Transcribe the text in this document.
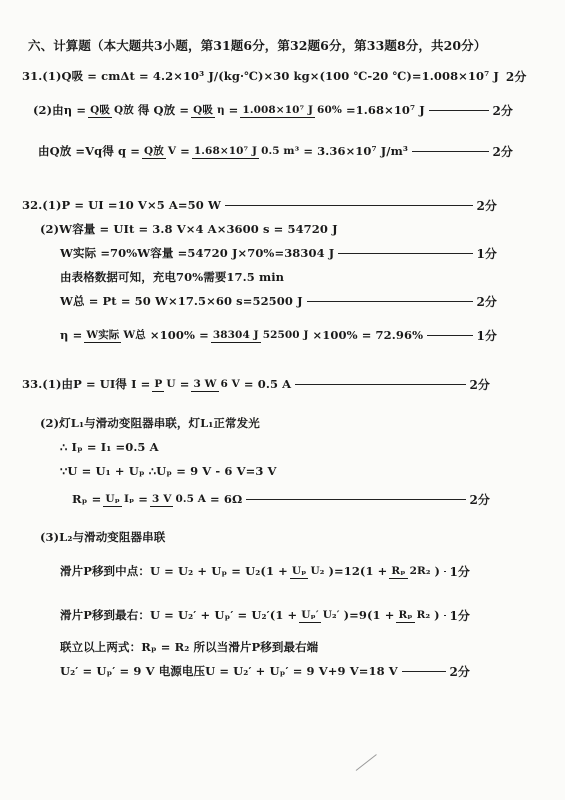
六、计算题（本大题共3小题，第31题6分，第32题6分，第33题8分，共20分）
31.(1)Q吸 = cmΔt = 4.2×10³ J/(kg·℃)×30 kg×(100 ℃-20 ℃)=1.008×10⁷ J 2分
(2)由η = Q吸 Q放 得 Q放 = Q吸 η = 1.008×10⁷ J 60% =1.68×10⁷ J	2分
由Q放 =Vq得 q = Q放 V = 1.68×10⁷ J 0.5 m³ = 3.36×10⁷ J/m³	2分
32.(1)P = UI =10 V×5 A=50 W	2分
(2)W容量 = UIt = 3.8 V×4 A×3600 s = 54720 J
W实际 =70%W容量 =54720 J×70%=38304 J	1分
由表格数据可知，充电70%需要17.5 min
W总 = Pt = 50 W×17.5×60 s=52500 J	2分
η = W实际 W总 ×100% = 38304 J 52500 J ×100% = 72.96%	1分
33.(1)由P = UI得 I = P U = 3 W 6 V = 0.5 A	2分
(2)灯L₁与滑动变阻器串联，灯L₁正常发光
∴ Iₚ = I₁ =0.5 A
∵U = U₁ + Uₚ ∴Uₚ = 9 V - 6 V=3 V
Rₚ = Uₚ Iₚ = 3 V 0.5 A = 6Ω	2分
(3)L₂与滑动变阻器串联
滑片P移到中点：U = U₂ + Uₚ = U₂(1 + Uₚ U₂ )=12(1 + Rₚ 2R₂ ) 1分
滑片P移到最右：U = U₂′ + Uₚ′ = U₂′(1 + Uₚ′ U₂′ )=9(1 + Rₚ R₂ ) 1分
联立以上两式：Rₚ = R₂ 所以当滑片P移到最右端
U₂′ = Uₚ′ = 9 V 电源电压U = U₂′ + Uₚ′ = 9 V+9 V=18 V	2分
